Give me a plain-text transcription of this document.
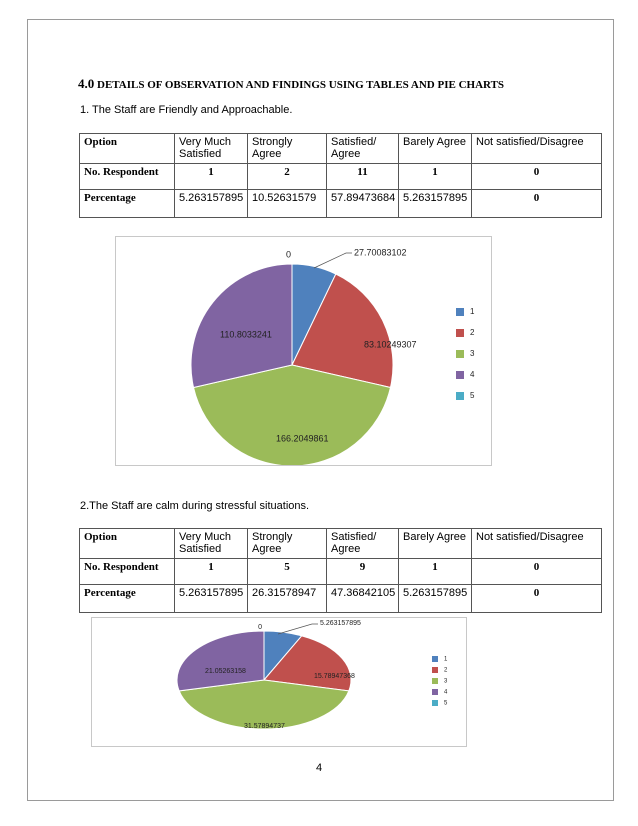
4.0 DETAILS OF OBSERVATION AND FINDINGS USING TABLES AND PIE CHARTS
1. The Staff are Friendly and Approachable.
Option	Very Much Satisfied	Strongly Agree	Satisfied/ Agree	Barely Agree	Not satisfied/Disagree
No. Respondent	1	2	11	1	0
Percentage	5.263157895	10.52631579	57.89473684	5.263157895	0
27.70083102
83.10249307
166.2049861
110.8033241
0
1
2
3
4
5
2.The Staff are calm during stressful situations.
Option	Very Much Satisfied	Strongly Agree	Satisfied/ Agree	Barely Agree	Not satisfied/Disagree
No. Respondent	1	5	9	1	0
Percentage	5.263157895	26.31578947	47.36842105	5.263157895	0
5.263157895
15.78947368
31.57894737
21.05263158
0
1
2
3
4
5
4
